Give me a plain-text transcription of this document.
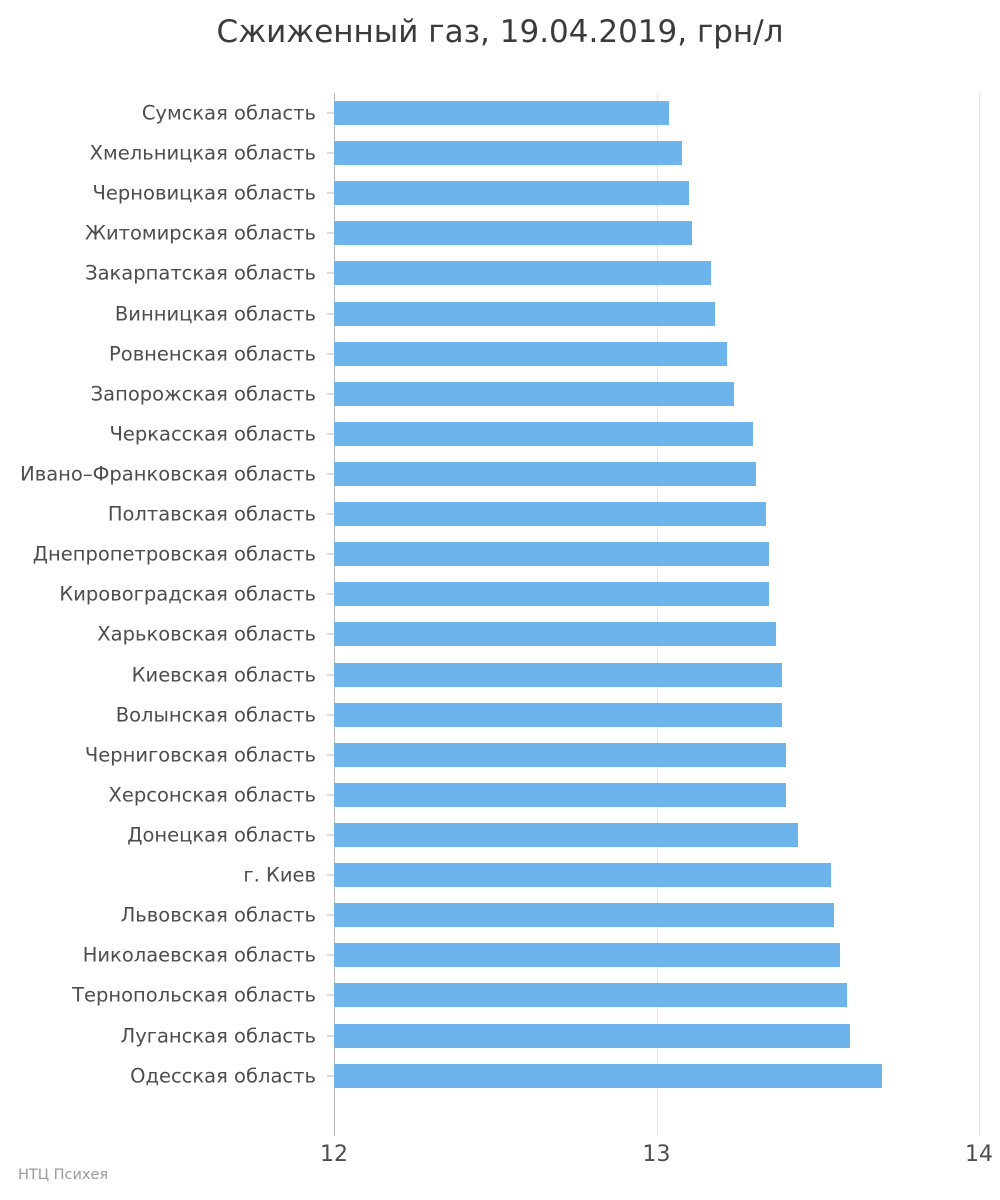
Сжиженный газ, 19.04.2019, грн/л
Сумская область
Хмельницкая область
Черновицкая область
Житомирская область
Закарпатская область
Винницкая область
Ровненская область
Запорожская область
Черкасская область
Ивано–Франковская область
Полтавская область
Днепропетровская область
Кировоградская область
Харьковская область
Киевская область
Волынская область
Черниговская область
Херсонская область
Донецкая область
г. Киев
Львовская область
Николаевская область
Тернопольская область
Луганская область
Одесская область
12	13	14
НТЦ Психея
